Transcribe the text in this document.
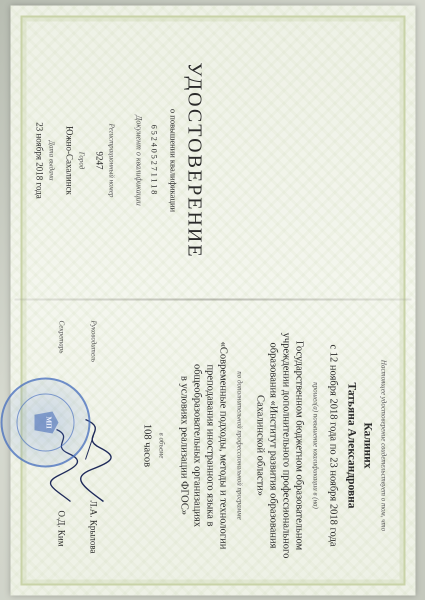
УДОСТОВЕРЕНИЕ
о повышении квалификации
652405271118
Документ о квалификации
Регистрационный номер
9247
Город
Южно-Сахалинск
Дата выдачи
23 ноября 2018 года
Настоящее удостоверение свидетельствует о том, что
Калиних
Татьяна Александровна
с 12 ноября 2018 года по 23 ноября 2018 года
прошел(а) повышение квалификации в (на)
Государственном бюджетном образовательном
учреждении дополнительного профессионального
образования «Институт развития образования
Сахалинской области»
по дополнительной профессиональной программе
«Современные подходы, методы и технологии
преподавания иностранного языка в
общеобразовательных организациях
в условиях реализации ФГОС»
в объеме
108 часов
Руководитель
Л.А. Крылова
Секретарь
О.Д. Ким
МП
